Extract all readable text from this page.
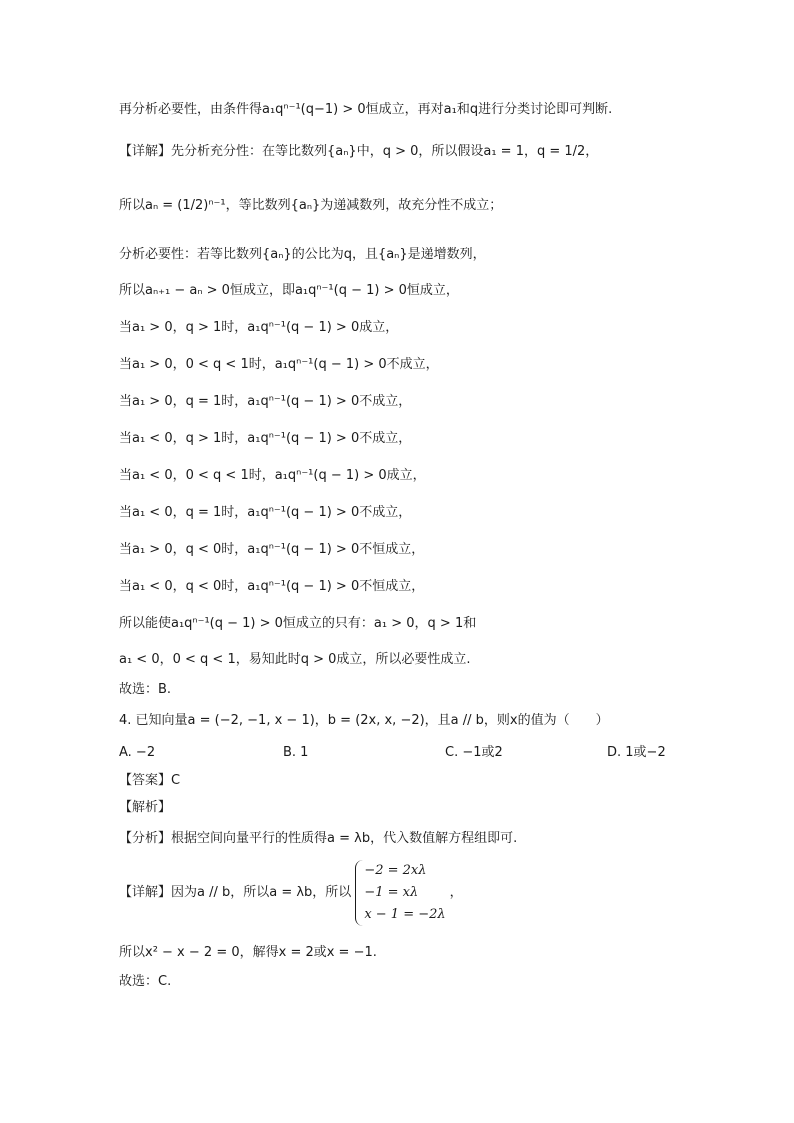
再分析必要性，由条件得a₁qⁿ⁻¹(q−1) > 0恒成立，再对a₁和q进行分类讨论即可判断.
【详解】先分析充分性：在等比数列{aₙ}中，q > 0，所以假设a₁ = 1，q = 1/2，
所以aₙ = (1/2)ⁿ⁻¹，等比数列{aₙ}为递减数列，故充分性不成立；
分析必要性：若等比数列{aₙ}的公比为q，且{aₙ}是递增数列，
所以aₙ₊₁ − aₙ > 0恒成立，即a₁qⁿ⁻¹(q − 1) > 0恒成立，
当a₁ > 0，q > 1时，a₁qⁿ⁻¹(q − 1) > 0成立，
当a₁ > 0，0 < q < 1时，a₁qⁿ⁻¹(q − 1) > 0不成立，
当a₁ > 0，q = 1时，a₁qⁿ⁻¹(q − 1) > 0不成立，
当a₁ < 0，q > 1时，a₁qⁿ⁻¹(q − 1) > 0不成立，
当a₁ < 0，0 < q < 1时，a₁qⁿ⁻¹(q − 1) > 0成立，
当a₁ < 0，q = 1时，a₁qⁿ⁻¹(q − 1) > 0不成立，
当a₁ > 0，q < 0时，a₁qⁿ⁻¹(q − 1) > 0不恒成立，
当a₁ < 0，q < 0时，a₁qⁿ⁻¹(q − 1) > 0不恒成立，
所以能使a₁qⁿ⁻¹(q − 1) > 0恒成立的只有：a₁ > 0，q > 1和
a₁ < 0，0 < q < 1，易知此时q > 0成立，所以必要性成立.
故选：B.
4. 已知向量a = (−2, −1, x − 1)，b = (2x, x, −2)，且a // b，则x的值为（　　）
A. −2	B. 1	C. −1或2	D. 1或−2
【答案】C
【解析】
【分析】根据空间向量平行的性质得a = λb，代入数值解方程组即可.
【详解】因为a // b，所以a = λb，所以
−2 = 2xλ
−1 = xλ
x − 1 = −2λ
，
所以x² − x − 2 = 0，解得x = 2或x = −1.
故选：C.
